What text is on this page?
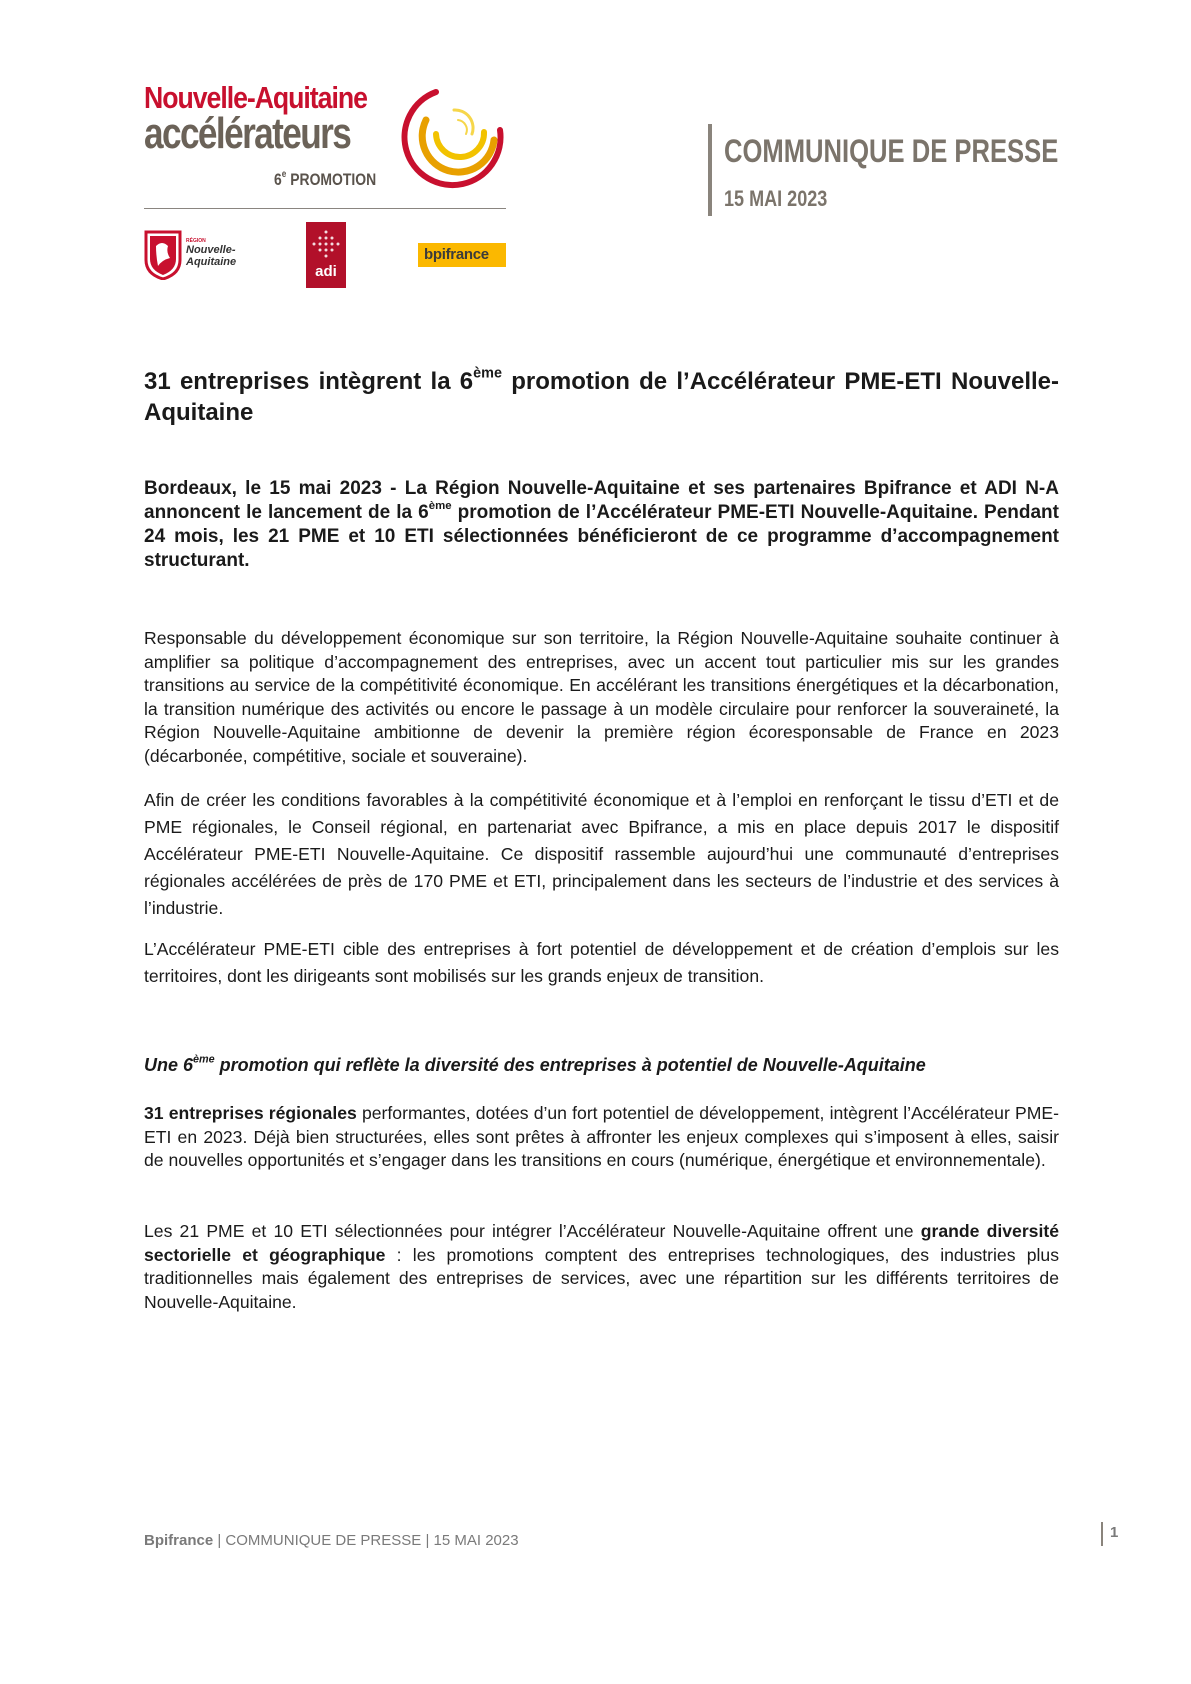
Nouvelle-Aquitaine
accélérateurs
6e PROMOTION
RÉGION
Nouvelle-
Aquitaine
adi
bpifrance
COMMUNIQUE DE PRESSE
15 MAI 2023
31 entreprises intègrent la 6ème promotion de l’Accélérateur PME-ETI Nouvelle-Aquitaine

Bordeaux, le 15 mai 2023 - La Région Nouvelle-Aquitaine et ses partenaires Bpifrance et ADI N-A annoncent le lancement de la 6ème promotion de l’Accélérateur PME-ETI Nouvelle-Aquitaine. Pendant 24 mois, les 21 PME et 10 ETI sélectionnées bénéficieront de ce programme d’accompagnement structurant.

Responsable du développement économique sur son territoire, la Région Nouvelle-Aquitaine souhaite continuer à amplifier sa politique d’accompagnement des entreprises, avec un accent tout particulier mis sur les grandes transitions au service de la compétitivité économique. En accélérant les transitions énergétiques et la décarbonation, la transition numérique des activités ou encore le passage à un modèle circulaire pour renforcer la souveraineté, la Région Nouvelle-Aquitaine ambitionne de devenir la première région écoresponsable de France en 2023 (décarbonée, compétitive, sociale et souveraine).

Afin de créer les conditions favorables à la compétitivité économique et à l’emploi en renforçant le tissu d’ETI et de PME régionales, le Conseil régional, en partenariat avec Bpifrance, a mis en place depuis 2017 le dispositif Accélérateur PME-ETI Nouvelle-Aquitaine. Ce dispositif rassemble aujourd’hui une communauté d’entreprises régionales accélérées de près de 170 PME et ETI, principalement dans les secteurs de l’industrie et des services à l’industrie.

L’Accélérateur PME-ETI cible des entreprises à fort potentiel de développement et de création d’emplois sur les territoires, dont les dirigeants sont mobilisés sur les grands enjeux de transition.

Une 6ème promotion qui reflète la diversité des entreprises à potentiel de Nouvelle-Aquitaine

31 entreprises régionales performantes, dotées d’un fort potentiel de développement, intègrent l’Accélérateur PME-ETI en 2023. Déjà bien structurées, elles sont prêtes à affronter les enjeux complexes qui s’imposent à elles, saisir de nouvelles opportunités et s’engager dans les transitions en cours (numérique, énergétique et environnementale).

Les 21 PME et 10 ETI sélectionnées pour intégrer l’Accélérateur Nouvelle-Aquitaine offrent une grande diversité sectorielle et géographique : les promotions comptent des entreprises technologiques, des industries plus traditionnelles mais également des entreprises de services, avec une répartition sur les différents territoires de Nouvelle-Aquitaine.

Bpifrance | COMMUNIQUE DE PRESSE | 15 MAI 2023	1
